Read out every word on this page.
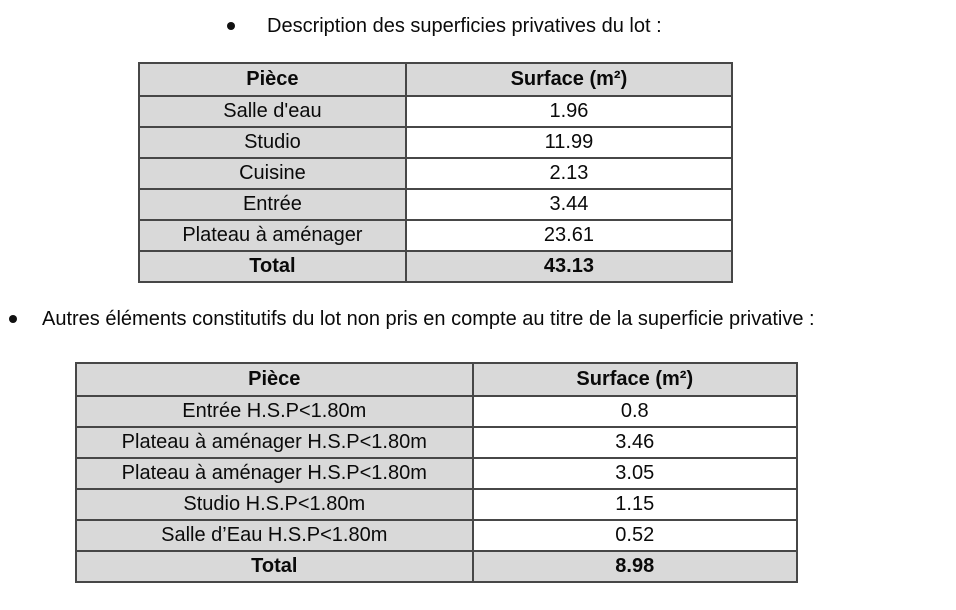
Description des superficies privatives du lot :
Pièce	Surface (m²)
Salle d'eau	1.96
Studio	11.99
Cuisine	2.13
Entrée	3.44
Plateau à aménager	23.61
Total	43.13
Autres éléments constitutifs du lot non pris en compte au titre de la superficie privative :
Pièce	Surface (m²)
Entrée H.S.P<1.80m	0.8
Plateau à aménager H.S.P<1.80m	3.46
Plateau à aménager H.S.P<1.80m	3.05
Studio H.S.P<1.80m	1.15
Salle d’Eau H.S.P<1.80m	0.52
Total	8.98
